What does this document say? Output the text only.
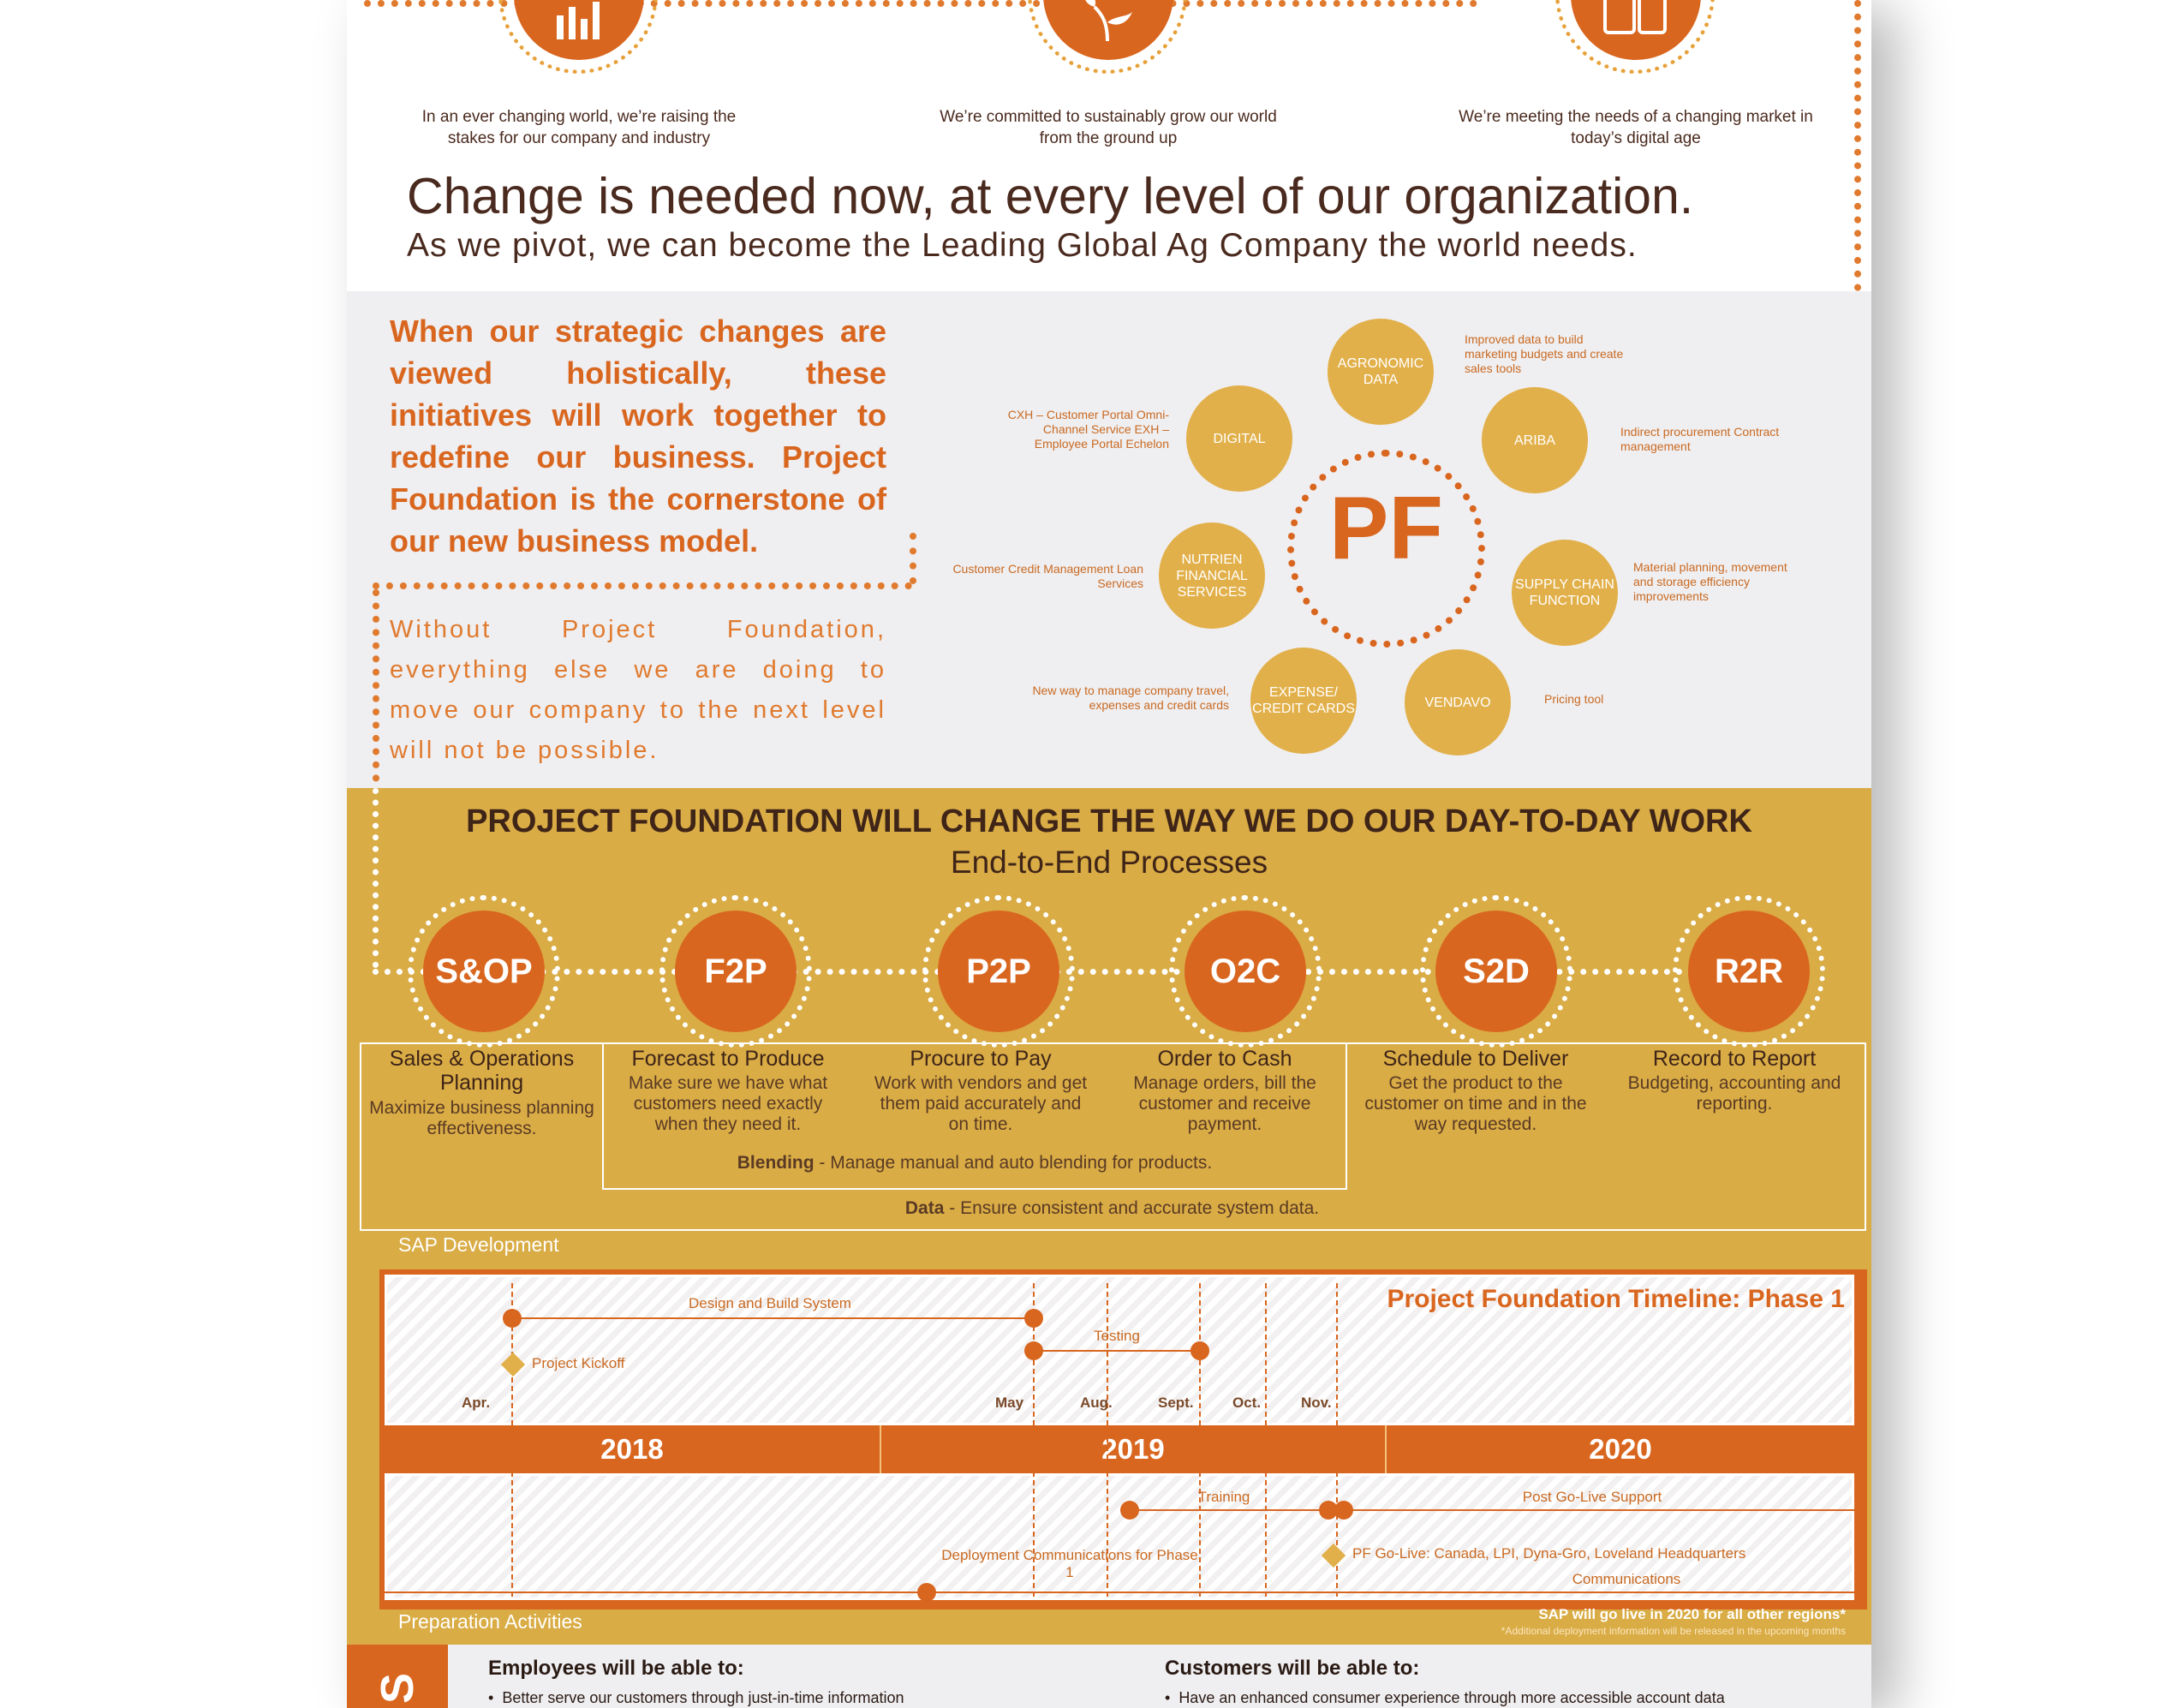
In an ever changing world, we’re raising the stakes for our company and industry
We’re committed to sustainably grow our world from the ground up
We’re meeting the needs of a changing market in today’s digital age
Change is needed now, at every level of our organization.
As we pivot, we can become the Leading Global Ag Company the world needs.
When our strategic changes are viewed holistically, these initiatives will work together to redefine our business. Project Foundation is the cornerstone of our new business model.
Without Project Foundation, everything else we are doing to move our company to the next level will not be possible.
PF
AGRONOMIC DATA
Improved data to build marketing budgets and create sales tools
DIGITAL
CXH – Customer Portal Omni-Channel Service EXH – Employee Portal Echelon	ARIBA
Indirect procurement Contract management
NUTRIEN FINANCIAL SERVICES
Customer Credit Management Loan Services	SUPPLY CHAIN FUNCTION
Material planning, movement and storage efficiency improvements
EXPENSE/ CREDIT CARDS
New way to manage company travel, expenses and credit cards	VENDAVO	Pricing tool
PROJECT FOUNDATION WILL CHANGE THE WAY WE DO OUR DAY-TO-DAY WORK
End-to-End Processes
S&OP	F2P	P2P	O2C	S2D	R2R
Sales & Operations Planning
Maximize business planning effectiveness.
Forecast to Produce
Make sure we have what customers need exactly when they need it.
Procure to Pay
Work with vendors and get them paid accurately and on time.
Order to Cash
Manage orders, bill the customer and receive payment.
Schedule to Deliver
Get the product to the customer on time and in the way requested.
Record to Report
Budgeting, accounting and reporting.
Blending - Manage manual and auto blending for products.
Data - Ensure consistent and accurate system data.
SAP Development
2018	2019	2020
Project Foundation Timeline: Phase 1
Apr.	May	Aug.	Sept.	Oct.	Nov.
Design and Build System
Testing
Project Kickoff
Training	Post Go-Live Support
PF Go-Live: Canada, LPI, Dyna-Gro, Loveland Headquarters
Deployment Communications for Phase 1	Communications
Preparation Activities	SAP will go live in 2020 for all other regions*
*Additional deployment information will be released in the upcoming months
S
Employees will be able to:
•  Better serve our customers through just-in-time information
Customers will be able to:
•  Have an enhanced consumer experience through more accessible account data
